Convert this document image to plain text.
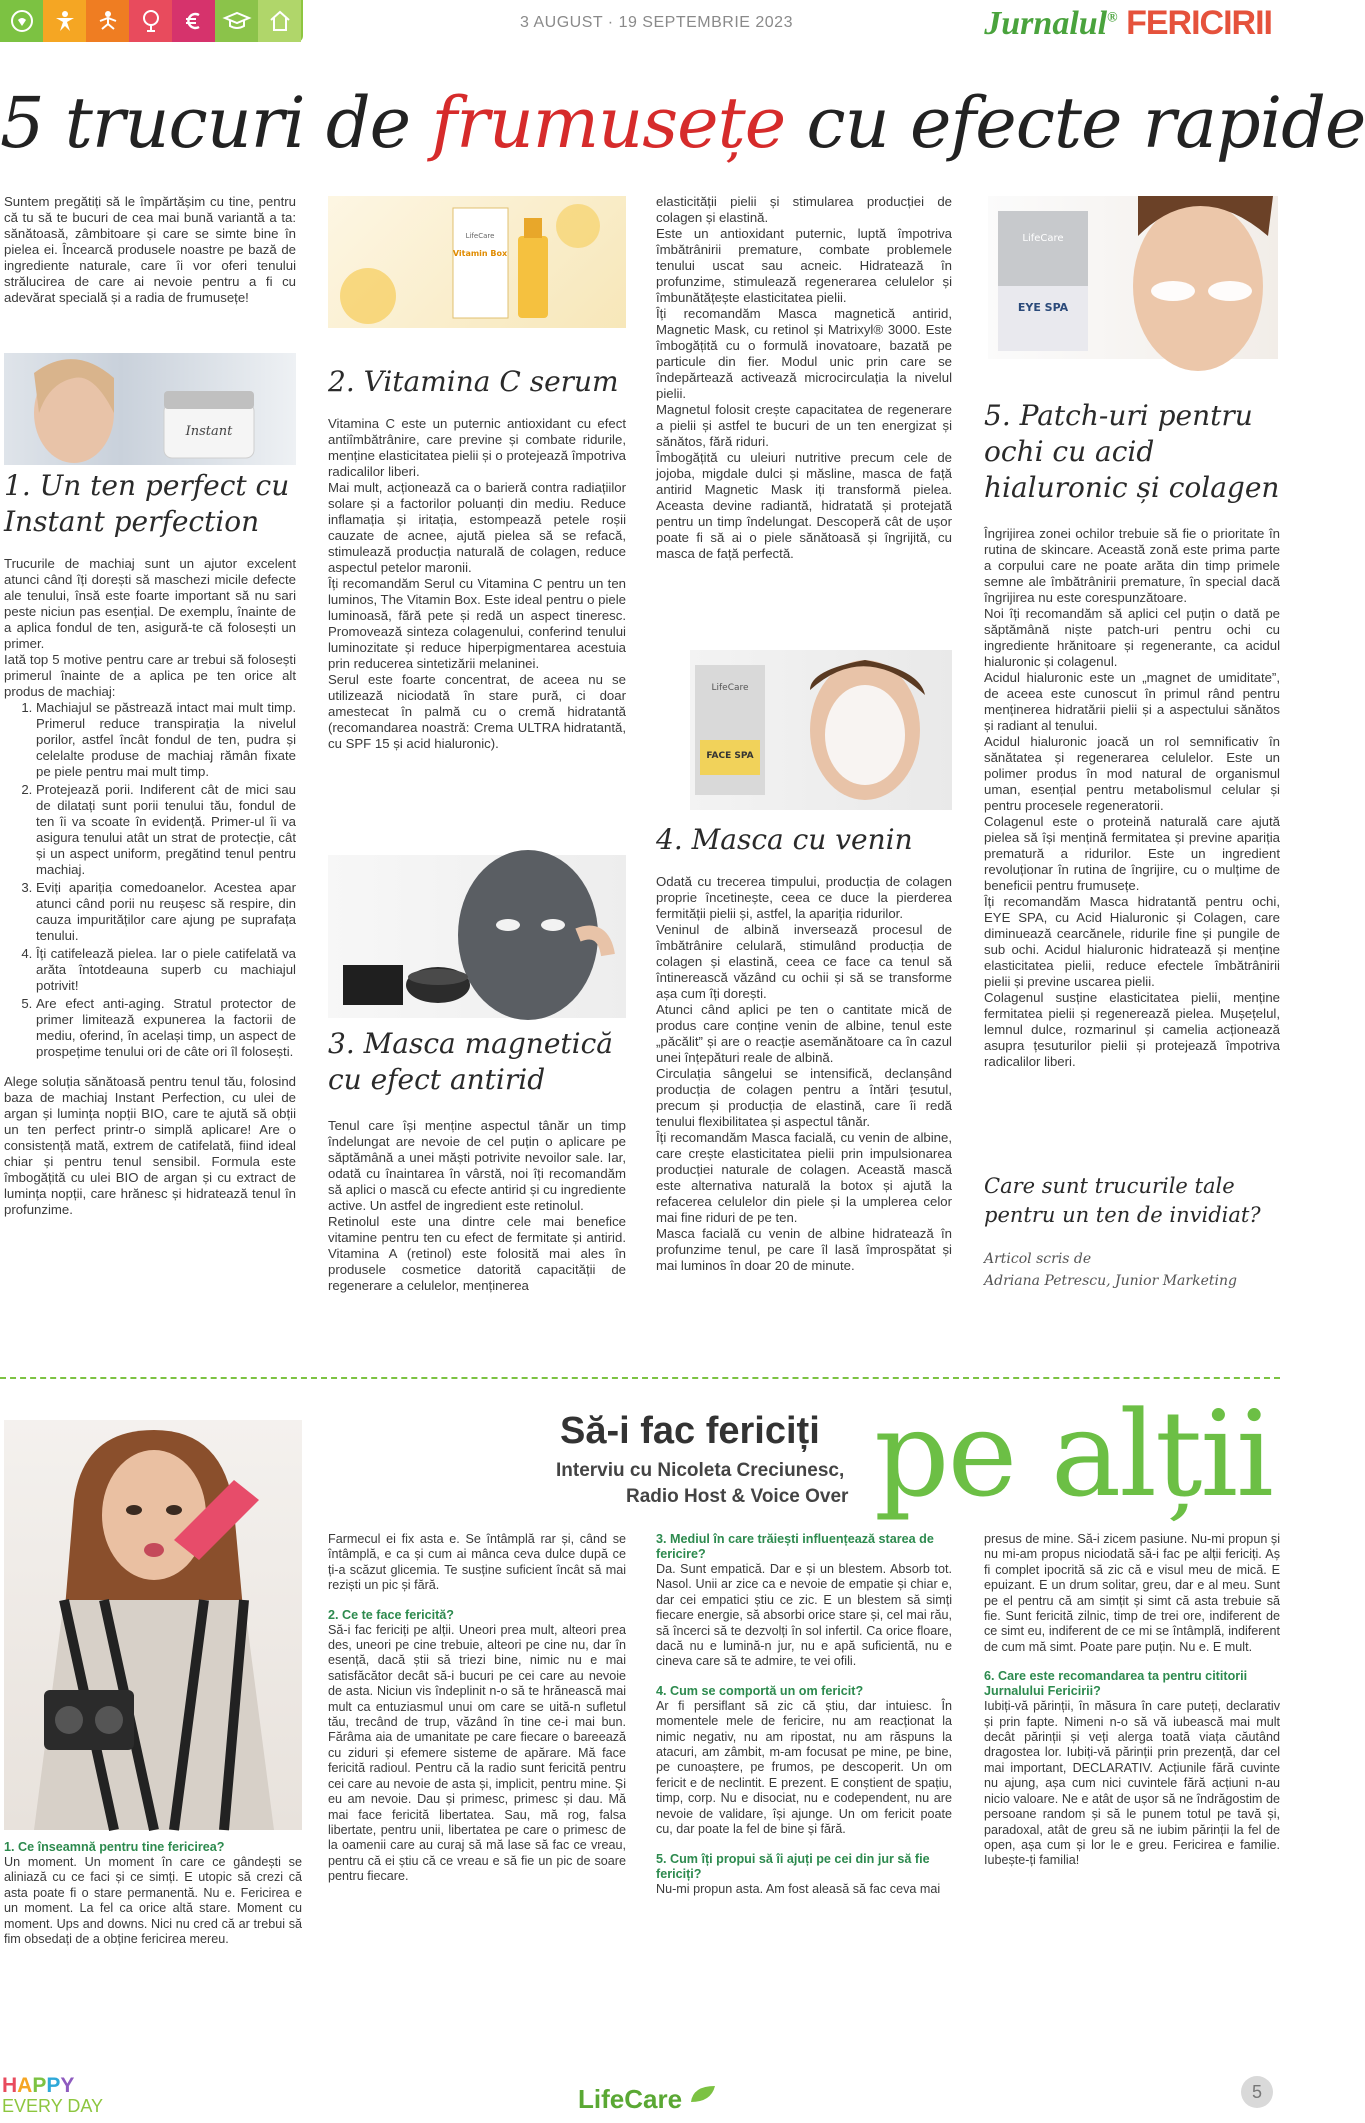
3 AUGUST · 19 SEPTEMBRIE 2023	Jurnalul® FERICIRII
5 trucuri de frumusețe cu efecte rapide
Suntem pregătiți să le împărtășim cu tine, pentru că tu să te bucuri de cea mai bună variantă a ta: sănătoasă, zâmbitoare și care se simte bine în pielea ei. Încearcă produsele noastre pe bază de ingrediente naturale, care îi vor oferi tenului strălucirea de care ai nevoie pentru a fi cu adevărat specială și a radia de frumusețe!
Instant
1. Un ten perfect cu Instant perfection

Trucurile de machiaj sunt un ajutor excelent atunci când îți dorești să maschezi micile defecte ale tenului, însă este foarte important să nu sari peste niciun pas esențial. De exemplu, înainte de a aplica fondul de ten, asigură-te că folosești un primer.

Iată top 5 motive pentru care ar trebui să folosești primerul înainte de a aplica pe ten orice alt produs de machiaj:

1. Machiajul se păstrează intact mai mult timp. Primerul reduce transpirația la nivelul porilor, astfel încât fondul de ten, pudra și celelalte produse de machiaj rămân fixate pe piele pentru mai mult timp.
2. Protejează porii. Indiferent cât de mici sau de dilatați sunt porii tenului tău, fondul de ten îi va scoate în evidență. Primer-ul îi va asigura tenului atât un strat de protecție, cât și un aspect uniform, pregătind tenul pentru machiaj.
3. Eviți apariția comedoanelor. Acestea apar atunci când porii nu reușesc să respire, din cauza impurităților care ajung pe suprafața tenului.
4. Îți catifelează pielea. Iar o piele catifelată va arăta întotdeauna superb cu machiajul potrivit!
5. Are efect anti-aging. Stratul protector de primer limitează expunerea la factorii de mediu, oferind, în același timp, un aspect de prospețime tenului ori de câte ori îl folosești.

Alege soluția sănătoasă pentru tenul tău, folosind baza de machiaj Instant Perfection, cu ulei de argan și lumința nopții BIO, care te ajută să obții un ten perfect printr-o simplă aplicare! Are o consistență mată, extrem de catifelată, fiind ideal chiar și pentru tenul sensibil. Formula este îmbogățită cu ulei BIO de argan și cu extract de lumința nopții, care hrănesc și hidratează tenul în profunzime.

LifeCare
Vitamin Box
2. Vitamina C serum

Vitamina C este un puternic antioxidant cu efect antiîmbătrânire, care previne și combate ridurile, menține elasticitatea pielii și o protejează împotriva radicalilor liberi.

Mai mult, acționează ca o barieră contra radiațiilor solare și a factorilor poluanți din mediu. Reduce inflamația și iritația, estompează petele roșii cauzate de acnee, ajută pielea să se refacă, stimulează producția naturală de colagen, reduce aspectul petelor maronii.

Îți recomandăm Serul cu Vitamina C pentru un ten luminos, The Vitamin Box. Este ideal pentru o piele luminoasă, fără pete și redă un aspect tineresc. Promovează sinteza colagenului, conferind tenului luminozitate și reduce hiperpigmentarea acestuia prin reducerea sintetizării melaninei.

Serul este foarte concentrat, de aceea nu se utilizează niciodată în stare pură, ci doar amestecat în palmă cu o cremă hidratantă (recomandarea noastră: Crema ULTRA hidratantă, cu SPF 15 și acid hialuronic).

3. Masca magnetică cu efect antirid

Tenul care își menține aspectul tânăr un timp îndelungat are nevoie de cel puțin o aplicare pe săptămână a unei măști potrivite nevoilor sale. Iar, odată cu înaintarea în vârstă, noi îți recomandăm să aplici o mască cu efecte antirid și cu ingrediente active. Un astfel de ingredient este retinolul.

Retinolul este una dintre cele mai benefice vitamine pentru ten cu efect de fermitate și antirid. Vitamina A (retinol) este folosită mai ales în produsele cosmetice datorită capacității de regenerare a celulelor, menținerea

elasticității pielii și stimularea producției de colagen și elastină.

Este un antioxidant puternic, luptă împotriva îmbătrânirii premature, combate problemele tenului uscat sau acneic. Hidratează în profunzime, stimulează regenerarea celulelor și îmbunătățește elasticitatea pielii.

Îți recomandăm Masca magnetică antirid, Magnetic Mask, cu retinol și Matrixyl® 3000. Este îmbogățită cu o formulă inovatoare, bazată pe particule din fier. Modul unic prin care se îndepărtează activează microcirculația la nivelul pielii.

Magnetul folosit crește capacitatea de regenerare a pielii și astfel te bucuri de un ten energizat și sănătos, fără riduri.

Îmbogățită cu uleiuri nutritive precum cele de jojoba, migdale dulci și măsline, masca de față antirid Magnetic Mask iți transformă pielea. Aceasta devine radiantă, hidratată și protejată pentru un timp îndelungat. Descoperă cât de ușor poate fi să ai o piele sănătoasă și îngrijită, cu masca de față perfectă.

LifeCare
FACE SPA
4. Masca cu venin

Odată cu trecerea timpului, producția de colagen proprie încetinește, ceea ce duce la pierderea fermității pielii și, astfel, la apariția ridurilor.

Veninul de albină inversează procesul de îmbătrânire celulară, stimulând producția de colagen și elastină, ceea ce face ca tenul să întinerească văzând cu ochii și să se transforme așa cum îți dorești.

Atunci când aplici pe ten o cantitate mică de produs care conține venin de albine, tenul este „păcălit” și are o reacție asemănătoare ca în cazul unei înțepături reale de albină.

Circulația sângelui se intensifică, declanșând producția de colagen pentru a întări țesutul, precum și producția de elastină, care îi redă tenului flexibilitatea și aspectul tânăr.

Îți recomandăm Masca facială, cu venin de albine, care crește elasticitatea pielii prin impulsionarea producției naturale de colagen. Această mască este alternativa naturală la botox și ajută la refacerea celulelor din piele și la umplerea celor mai fine riduri de pe ten.

Masca facială cu venin de albine hidratează în profunzime tenul, pe care îl lasă împrospătat și mai luminos în doar 20 de minute.

LifeCare
EYE SPA
5. Patch-uri pentru ochi cu acid hialuronic și colagen

Îngrijirea zonei ochilor trebuie să fie o prioritate în rutina de skincare. Această zonă este prima parte a corpului care ne poate arăta din timp primele semne ale îmbătrânirii premature, în special dacă îngrijirea nu este corespunzătoare.

Noi îți recomandăm să aplici cel puțin o dată pe săptămână niște patch-uri pentru ochi cu ingrediente hrănitoare și regenerante, ca acidul hialuronic și colagenul.

Acidul hialuronic este un „magnet de umiditate”, de aceea este cunoscut în primul rând pentru menținerea hidratării pielii și a aspectului sănătos și radiant al tenului.

Acidul hialuronic joacă un rol semnificativ în sănătatea și regenerarea celulelor. Este un polimer produs în mod natural de organismul uman, esențial pentru metabolismul celular și pentru procesele regeneratorii.

Colagenul este o proteină naturală care ajută pielea să își mențină fermitatea și previne apariția prematură a ridurilor. Este un ingredient revoluționar în rutina de îngrijire, cu o mulțime de beneficii pentru frumusețe.

Îți recomandăm Masca hidratantă pentru ochi, EYE SPA, cu Acid Hialuronic și Colagen, care diminuează cearcănele, ridurile fine și pungile de sub ochi. Acidul hialuronic hidratează și menține elasticitatea pielii, reduce efectele îmbătrânirii pielii și previne uscarea pielii.

Colagenul susține elasticitatea pielii, menține fermitatea pielii și regenerează pielea. Mușețelul, lemnul dulce, rozmarinul și camelia acționează asupra țesuturilor pielii și protejează împotriva radicalilor liberi.

Care sunt trucurile tale pentru un ten de invidiat?
Articol scris de
Adriana Petrescu, Junior Marketing
Să-i fac fericiți
Interviu cu Nicoleta Creciunesc,
Radio Host & Voice Over pe alții
1. Ce înseamnă pentru tine fericirea?
Un moment. Un moment în care ce gândești se aliniază cu ce faci și ce simți. E utopic să crezi că asta poate fi o stare permanentă. Nu e. Fericirea e un moment. La fel ca orice altă stare. Moment cu moment. Ups and downs. Nici nu cred că ar trebui să fim obsedați de a obține fericirea mereu.
Farmecul ei fix asta e. Se întâmplă rar și, când se întâmplă, e ca și cum ai mânca ceva dulce după ce ți-a scăzut glicemia. Te susține suficient încât să mai reziști un pic și fără.
2. Ce te face fericită?
Să-i fac fericiți pe alții. Uneori prea mult, alteori prea des, uneori pe cine trebuie, alteori pe cine nu, dar în esență, dacă știi să triezi bine, nimic nu e mai satisfăcător decât să-i bucuri pe cei care au nevoie de asta. Niciun vis îndeplinit n-o să te hrănească mai mult ca entuziasmul unui om care se uită-n sufletul tău, trecând de trup, văzând în tine ce-i mai bun. Fărâma aia de umanitate pe care fiecare o bareează cu ziduri și efemere sisteme de apărare. Mă face fericită radioul. Pentru că la radio sunt fericită pentru cei care au nevoie de asta și, implicit, pentru mine. Și eu am nevoie. Dau și primesc, primesc și dau. Mă mai face fericită libertatea. Sau, mă rog, falsa libertate, pentru unii, libertatea pe care o primesc de la oamenii care au curaj să mă lase să fac ce vreau, pentru că ei știu că ce vreau e să fie un pic de soare pentru fiecare.
3. Mediul în care trăiești influențează starea de fericire?
Da. Sunt empatică. Dar e și un blestem. Absorb tot. Nasol. Unii ar zice ca e nevoie de empatie și chiar e, dar cei empatici știu ce zic. E un blestem să simți fiecare energie, să absorbi orice stare și, cel mai rău, să încerci să te dezvolți în sol infertil. Ca orice floare, dacă nu e lumină-n jur, nu e apă suficientă, nu e cineva care să te admire, te vei ofili.
4. Cum se comportă un om fericit?
Ar fi persiflant să zic că știu, dar intuiesc. În momentele mele de fericire, nu am reacționat la nimic negativ, nu am ripostat, nu am răspuns la atacuri, am zâmbit, m-am focusat pe mine, pe bine, pe cunoaștere, pe frumos, pe descoperit. Un om fericit e de neclintit. E prezent. E conștient de spațiu, timp, corp. Nu e disociat, nu e codependent, nu are nevoie de validare, își ajunge. Un om fericit poate cu, dar poate la fel de bine și fără.
5. Cum îți propui să îi ajuți pe cei din jur să fie fericiți?
Nu-mi propun asta. Am fost aleasă să fac ceva mai
presus de mine. Să-i zicem pasiune. Nu-mi propun și nu mi-am propus niciodată să-i fac pe alții fericiți. Aș fi complet ipocrită să zic că e visul meu de mică. E epuizant. E un drum solitar, greu, dar e al meu. Sunt pe el pentru că am simțit și simt că asta trebuie să fie. Sunt fericită zilnic, timp de trei ore, indiferent de ce simt eu, indiferent de ce mi se întâmplă, indiferent de cum mă simt. Poate pare puțin. Nu e. E mult.
6. Care este recomandarea ta pentru cititorii Jurnalului Fericirii?
Iubiți-vă părinții, în măsura în care puteți, declarativ și prin fapte. Nimeni n-o să vă iubească mai mult decât părinții și veți alerga toată viața căutând dragostea lor. Iubiți-vă părinții prin prezență, dar cel mai important, DECLARATIV. Acțiunile fără cuvinte nu ajung, așa cum nici cuvintele fără acțiuni n-au nicio valoare. Ne e atât de ușor să ne îndrăgostim de persoane random și să le punem totul pe tavă și, paradoxal, atât de greu să ne iubim părinții la fel de open, așa cum și lor le e greu. Fericirea e familie. Iubește-ți familia!
HAPPY
EVERY DAY	LifeCare	5
